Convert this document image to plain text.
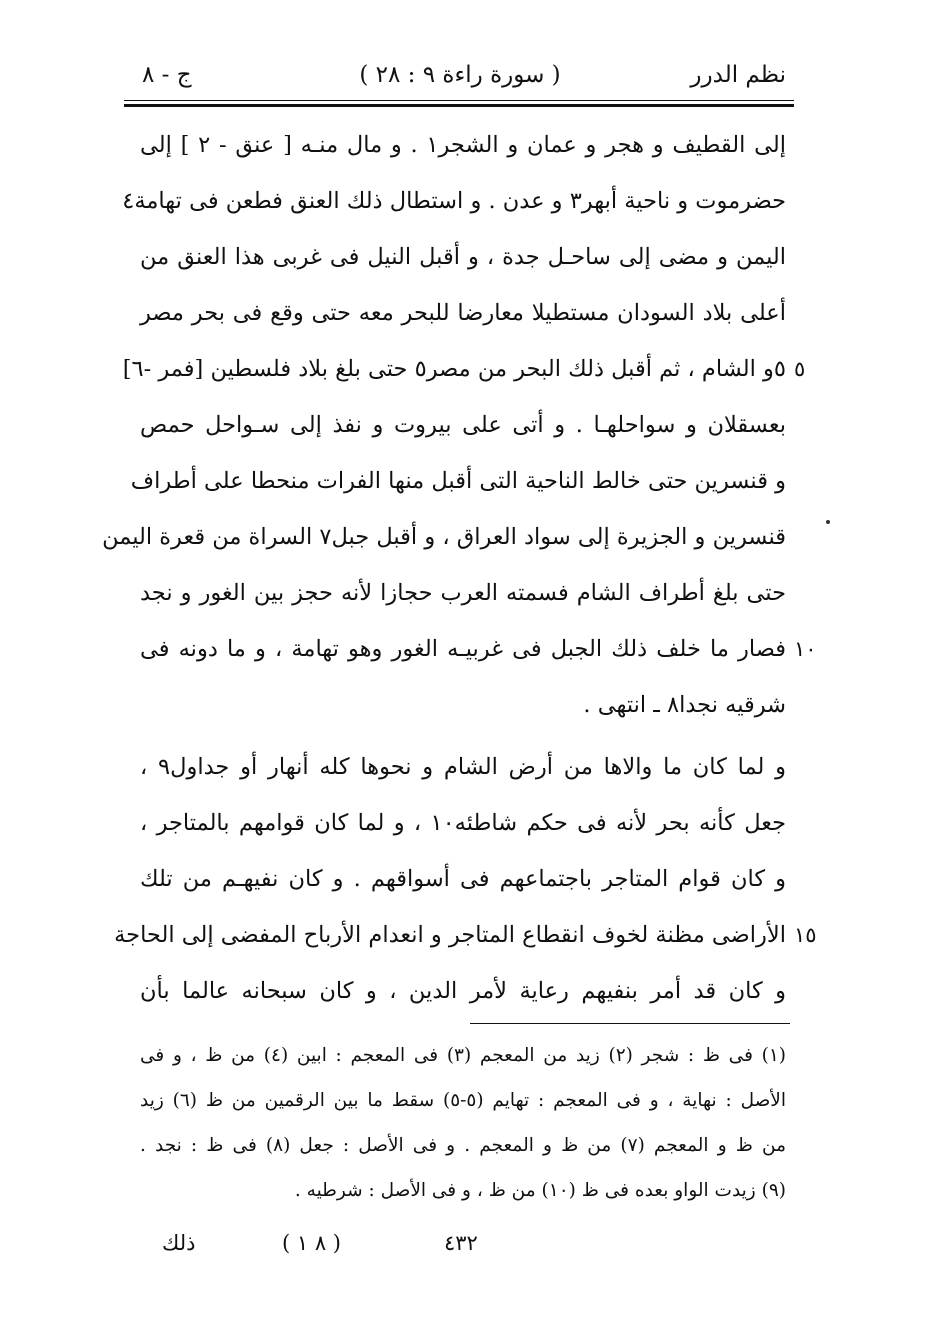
نظم الدرر
( سورة راءة ٩ : ٢٨ )
ج - ٨
إلى القطيف و هجر و عمان و الشجر١ . و مال منـه [ عنق - ٢ ] إلى
حضرموت و ناحية أبهر٣ و عدن . و استطال ذلك العنق فطعن فى تهامة٤
اليمن و مضى إلى ساحـل جدة ، و أقبل النيل فى غربى هذا العنق من
أعلى بلاد السودان مستطيلا معارضا للبحر معه حتى وقع فى بحر مصر
٥و الشام ، ثم أقبل ذلك البحر من مصر٥ حتى بلغ بلاد فلسطين [فمر -٦] ٥
بعسقلان و سواحلهـا . و أتى على بيروت و نفذ إلى سـواحل حمص
و قنسرين حتى خالط الناحية التى أقبل منها الفرات منحطا على أطراف
قنسرين و الجزيرة إلى سواد العراق ، و أقبل جبل٧ السراة من قعرة اليمن
حتى بلغ أطراف الشام فسمته العرب حجازا لأنه حجز بين الغور و نجد
فصار ما خلف ذلك الجبل فى غربيـه الغور وهو تهامة ، و ما دونه فى ١٠
شرقيه نجدا٨ ـ انتهى .
و لما كان ما والاها من أرض الشام و نحوها كله أنهار أو جداول٩ ،
جعل كأنه بحر لأنه فى حكم شاطئه١٠ ، و لما كان قوامهم بالمتاجر ،
و كان قوام المتاجر باجتماعهم فى أسواقهم . و كان نفيهـم من تلك
الأراضى مظنة لخوف انقطاع المتاجر و انعدام الأرباح المفضى إلى الحاجة ١٥
و كان قد أمر بنفيهم رعاية لأمر الدين ، و كان سبحانه عالما بأن
(١) فى ظ : شجر (٢) زيد من المعجم (٣) فى المعجم : ابين (٤) من ظ ، و فى
الأصل : نهاية ، و فى المعجم : تهايم (٥-٥) سقط ما بين الرقمين من ظ (٦) زيد
من ظ و المعجم (٧) من ظ و المعجم . و فى الأصل : جعل (٨) فى ظ : نجد .
(٩) زيدت الواو بعده فى ظ (١٠) من ظ ، و فى الأصل : شرطيه .
ذلك	( ٨ ١ )	٤٣٢
